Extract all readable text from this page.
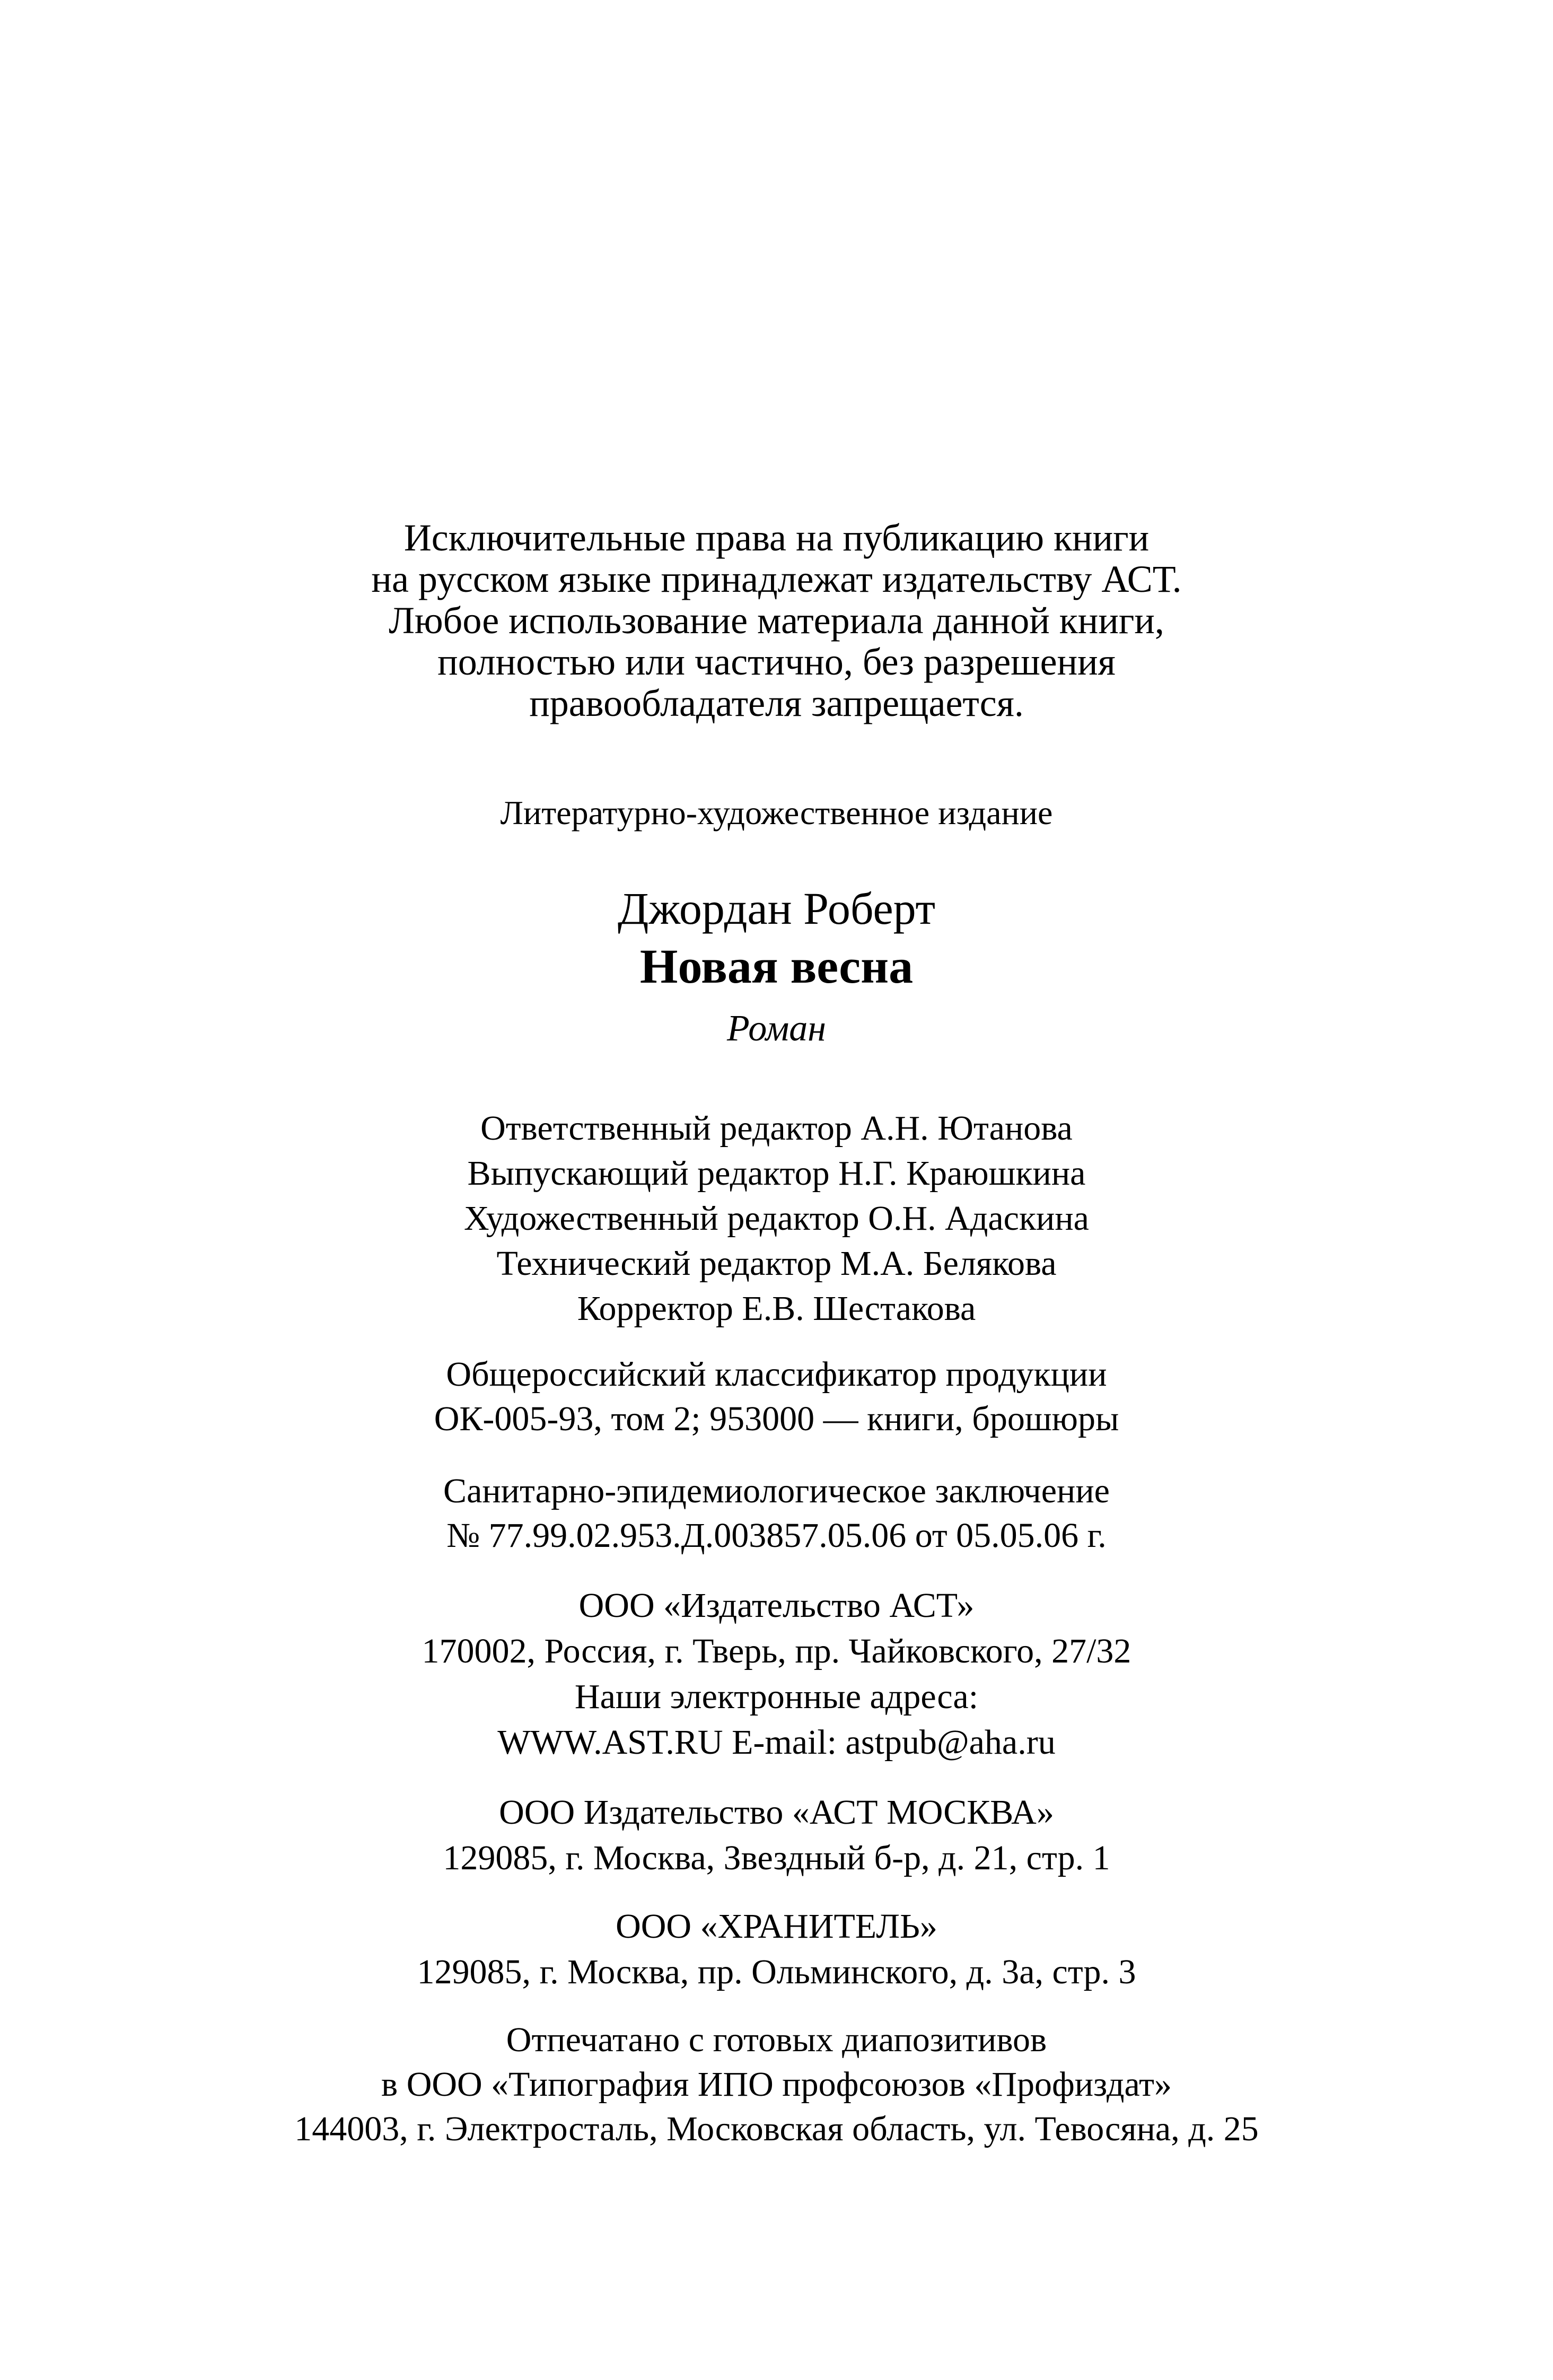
Исключительные права на публикацию книги
на русском языке принадлежат издательству АСТ.
Любое использование материала данной книги,
полностью или частично, без разрешения
правообладателя запрещается.
Литературно-художественное издание
Джордан Роберт
Новая весна
Роман
Ответственный редактор А.Н. Ютанова
Выпускающий редактор Н.Г. Краюшкина
Художественный редактор О.Н. Адаскина
Технический редактор М.А. Белякова
Корректор Е.В. Шестакова
Общероссийский классификатор продукции
ОК-005-93, том 2; 953000 — книги, брошюры
Санитарно-эпидемиологическое заключение
№ 77.99.02.953.Д.003857.05.06 от 05.05.06 г.
ООО «Издательство АСТ»
170002, Россия, г. Тверь, пр. Чайковского, 27/32
Наши электронные адреса:
WWW.AST.RU E-mail: astpub@aha.ru
ООО Издательство «АСТ МОСКВА»
129085, г. Москва, Звездный б-р, д. 21, стр. 1
ООО «ХРАНИТЕЛЬ»
129085, г. Москва, пр. Ольминского, д. 3а, стр. 3
Отпечатано с готовых диапозитивов
в ООО «Типография ИПО профсоюзов «Профиздат»
144003, г. Электросталь, Московская область, ул. Тевосяна, д. 25
